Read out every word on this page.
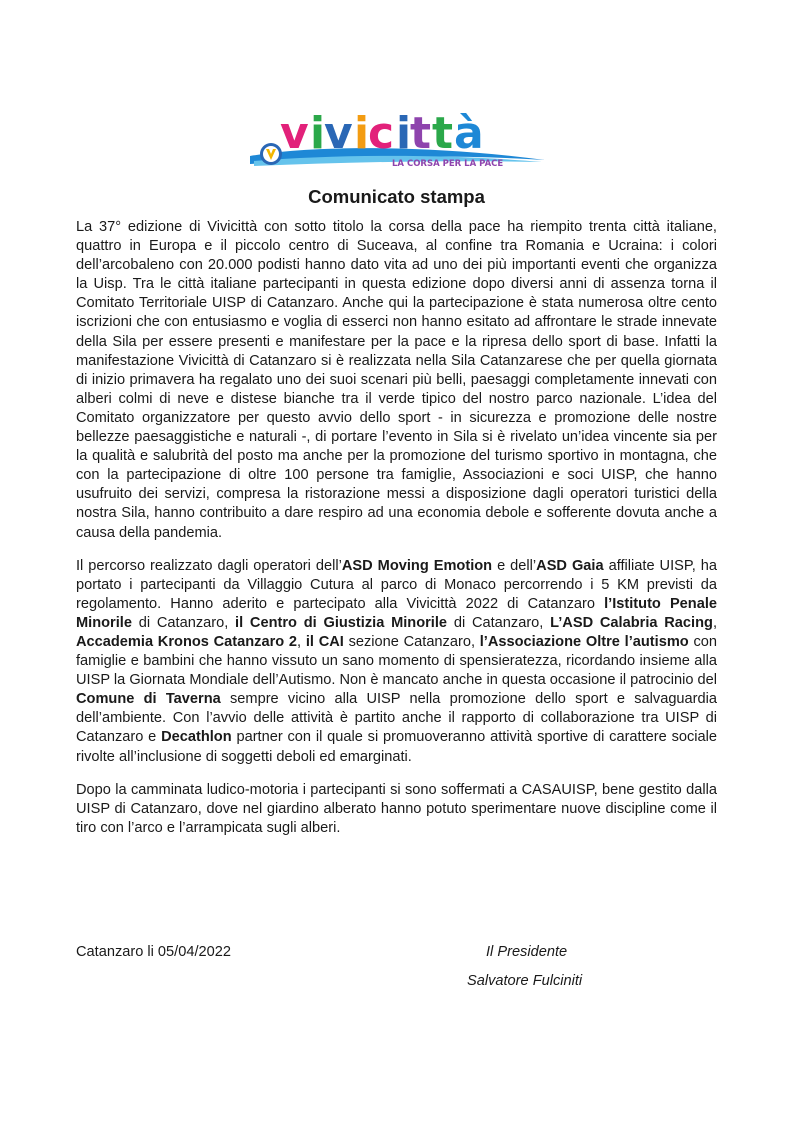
v i
v i
c i
t t à
LA CORSA PER LA PACE
Comunicato stampa

La 37° edizione di Vivicittà con sotto titolo la corsa della pace ha riempito trenta città italiane, quattro in Europa e il piccolo centro di Suceava, al confine tra Romania e Ucraina: i colori dell’arcobaleno con 20.000 podisti hanno dato vita ad uno dei più importanti eventi che organizza la Uisp. Tra le città italiane partecipanti in questa edizione dopo diversi anni di assenza torna il Comitato Territoriale UISP di Catanzaro. Anche qui la partecipazione è stata numerosa oltre cento iscrizioni che con entusiasmo e voglia di esserci non hanno esitato ad affrontare le strade innevate della Sila per essere presenti e manifestare per la pace e la ripresa dello sport di base. Infatti la manifestazione Vivicittà di Catanzaro si è realizzata nella Sila Catanzarese che per quella giornata di inizio primavera ha regalato uno dei suoi scenari più belli, paesaggi completamente innevati con alberi colmi di neve e distese bianche tra il verde tipico del nostro parco nazionale. L’idea del Comitato organizzatore per questo avvio dello sport - in sicurezza e promozione delle nostre bellezze paesaggistiche e naturali -, di portare l’evento in Sila si è rivelato un’idea vincente sia per la qualità e salubrità del posto ma anche per la promozione del turismo sportivo in montagna, che con la partecipazione di oltre 100 persone tra famiglie, Associazioni e soci UISP, che hanno usufruito dei servizi, compresa la ristorazione messi a disposizione dagli operatori turistici della nostra Sila, hanno contribuito a dare respiro ad una economia debole e sofferente dovuta anche a causa della pandemia.

Il percorso realizzato dagli operatori dell’ASD Moving Emotion e dell’ASD Gaia affiliate UISP, ha portato i partecipanti da Villaggio Cutura al parco di Monaco percorrendo i 5 KM previsti da regolamento. Hanno aderito e partecipato alla Vivicittà 2022 di Catanzaro l’Istituto Penale Minorile di Catanzaro, il Centro di Giustizia Minorile di Catanzaro, L’ASD Calabria Racing, Accademia Kronos Catanzaro 2, il CAI sezione Catanzaro, l’Associazione Oltre l’autismo con famiglie e bambini che hanno vissuto un sano momento di spensieratezza, ricordando insieme alla UISP la Giornata Mondiale dell’Autismo. Non è mancato anche in questa occasione il patrocinio del Comune di Taverna sempre vicino alla UISP nella promozione dello sport e salvaguardia dell’ambiente. Con l’avvio delle attività è partito anche il rapporto di collaborazione tra UISP di Catanzaro e Decathlon partner con il quale si promuoveranno attività sportive di carattere sociale rivolte all’inclusione di soggetti deboli ed emarginati.

Dopo la camminata ludico-motoria i partecipanti si sono soffermati a CASAUISP, bene gestito dalla UISP di Catanzaro, dove nel giardino alberato hanno potuto sperimentare nuove discipline come il tiro con l’arco e l’arrampicata sugli alberi.

Catanzaro li 05/04/2022	Il Presidente
Salvatore Fulciniti
